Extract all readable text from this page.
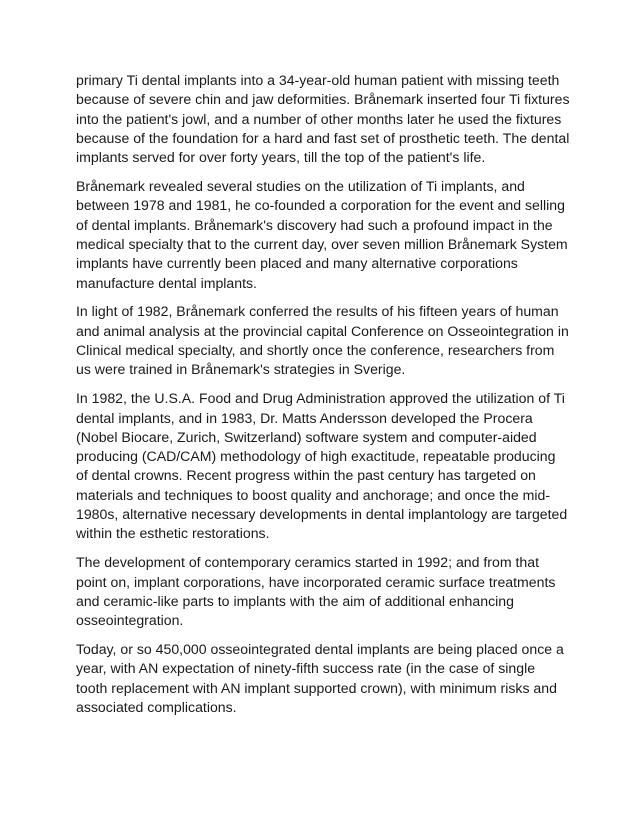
primary Ti dental implants into a 34-year-old human patient with missing teeth because of severe chin and jaw deformities. Brånemark inserted four Ti fixtures into the patient's jowl, and a number of other months later he used the fixtures because of the foundation for a hard and fast set of prosthetic teeth. The dental implants served for over forty years, till the top of the patient's life.

Brånemark revealed several studies on the utilization of Ti implants, and between 1978 and 1981, he co-founded a corporation for the event and selling of dental implants. Brånemark's discovery had such a profound impact in the medical specialty that to the current day, over seven million Brånemark System implants have currently been placed and many alternative corporations manufacture dental implants.

In light of 1982, Brånemark conferred the results of his fifteen years of human and animal analysis at the provincial capital Conference on Osseointegration in Clinical medical specialty, and shortly once the conference, researchers from us were trained in Brånemark's strategies in Sverige.

In 1982, the U.S.A. Food and Drug Administration approved the utilization of Ti dental implants, and in 1983, Dr. Matts Andersson developed the Procera (Nobel Biocare, Zurich, Switzerland) software system and computer-aided producing (CAD/CAM) methodology of high exactitude, repeatable producing of dental crowns. Recent progress within the past century has targeted on materials and techniques to boost quality and anchorage; and once the mid-1980s, alternative necessary developments in dental implantology are targeted within the esthetic restorations.

The development of contemporary ceramics started in 1992; and from that point on, implant corporations, have incorporated ceramic surface treatments and ceramic-like parts to implants with the aim of additional enhancing osseointegration.

Today, or so 450,000 osseointegrated dental implants are being placed once a year, with AN expectation of ninety-fifth success rate (in the case of single tooth replacement with AN implant supported crown), with minimum risks and associated complications.
